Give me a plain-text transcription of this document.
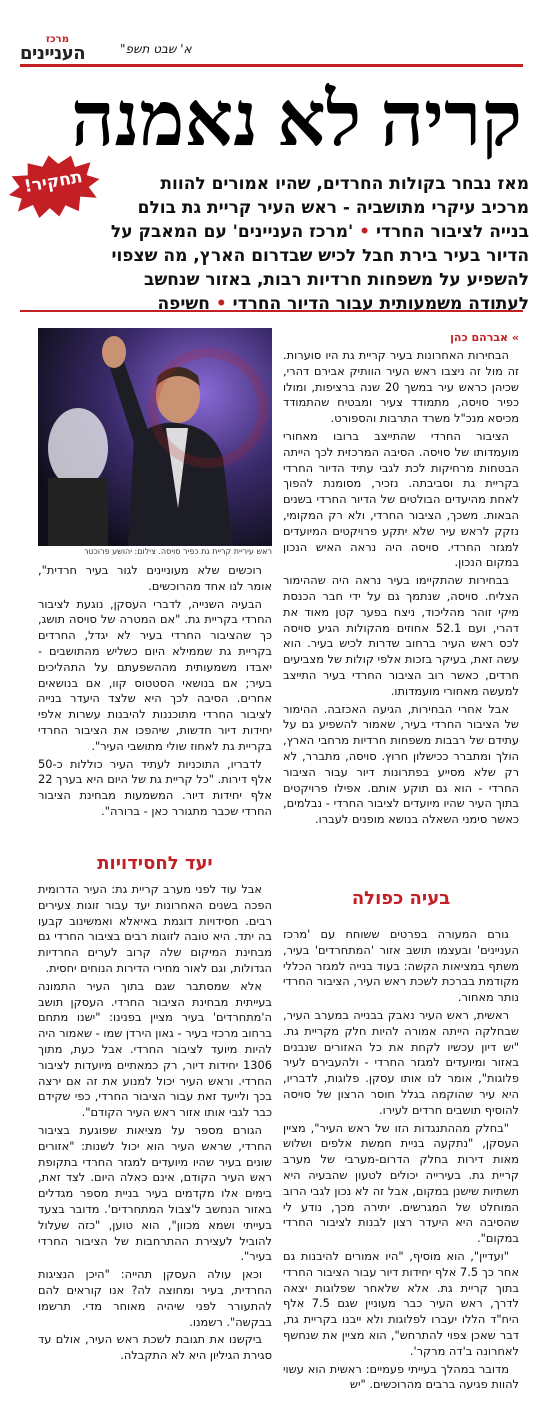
מרכז
העניינים	א' שבט תשפ"
קריה לא נאמנה
תחקיר!	מאז נבחר בקולות החרדים, שהיו אמורים להוות מרכיב עיקרי מתושביה - ראש העיר קריית גת בולם בנייה לציבור החרדי • 'מרכז העניינים' עם המאבק על הדיור בעיר בירת חבל לכיש שבדרום הארץ, מה שצפוי להשפיע על משפחות חרדיות רבות, באזור שנחשב לעתודה משמעותית עבור הדיור החרדי • חשיפה
» אברהם כהן
ראש עיריית קריית גת כפיר סויסה. צילום: יהושע פרוכטר

הבחירות האחרונות בעיר קריית גת היו סוערות. זה מול זה ניצבו ראש העיר הוותיק אבירם דהרי, שכיהן כראש עיר במשך 20 שנה ברציפות, ומולו כפיר סויסה, מתמודד צעיר ומבטיח שהתמודד מכיסא מנכ"ל משרד התרבות והספורט.

הציבור החרדי שהתייצב ברובו מאחורי מועמדותו של סויסה. הסיבה המרכזית לכך הייתה הבטחות מרחיקות לכת לגבי עתיד הדיור החרדי בקריית גת וסביבתה. נזכיר, מסומנת להפוך לאחת מהיעדים הבולטים של הדיור החרדי בשנים הבאות. משכך, הציבור החרדי, ולא רק המקומי, נזקק לראש עיר שלא יתקע פרויקטים המיועדים למגזר החרדי. סויסה היה נראה האיש הנכון במקום הנכון.

בבחירות שהתקיימו בעיר נראה היה שההימור הצליח. סויסה, שנתמך גם על ידי חבר הכנסת מיקי זוהר מהליכוד, ניצח בפער קטן מאוד את דהרי, ועם 52.1 אחוזים מהקולות הגיע סויסה לכס ראש העיר ברחוב שדרות לכיש בעיר. הוא עשה זאת, בעיקר בזכות אלפי קולות של מצביעים חרדים, כאשר רוב הציבור החרדי בעיר התייצב למעשה מאחורי מועמדותו.

אבל אחרי הבחירות, הגיעה האכזבה. ההימור של הציבור החרדי בעיר, שאמור להשפיע גם על עתידם של רבבות משפחות חרדיות מרחבי הארץ, הולך ומתברר ככישלון חרוץ. סויסה, מתברר, לא רק שלא מסייע בפתרונות דיור עבור הציבור החרדי - הוא גם תוקע אותם. אפילו פרויקטים בתוך העיר שהיו מיועדים לציבור החרדי - נבלמים, כאשר סימני השאלה בנושא מופנים לעברו.

בעיה כפולה

גורם המעורה בפרטים ששוחח עם 'מרכז העניינים' ובעצמו תושב אזור 'המתחרדים' בעיר, משתף במציאות הקשה: בעוד בנייה למגזר הכללי מקודמת בברכת לשכת ראש העיר, הציבור החרדי נותר מאחור.

ראשית, ראש העיר נאבק בבנייה במערב העיר, שבחלקה הייתה אמורה להיות חלק מקריית גת. "יש דיון עכשיו לקחת את כל האזורים שנבנים באזור ומיועדים למגזר החרדי - ולהעבירם לעיר פלוגות", אומר לנו אותו עסקן. פלוגות, לדבריו, היא עיר שהוקמה בגלל חוסר הרצון של סויסה להוסיף תושבים חרדים לעירו.

"בחלק מההתנגדות הזו של ראש העיר", מציין העסקן, "נתקעה בניית חמשת אלפים ושלוש מאות דירות בחלק הדרום-מערבי של מערב קריית גת. בעירייה יכולים לטעון שהבעיה היא תשתיות שישנן במקום, אבל זה לא נכון לגבי הרוב המוחלט של המגרשים. יתירה מכך, נודע לי שהסיבה היא היעדר רצון לבנות לציבור החרדי במקום".

"ועדיין", הוא מוסיף, "היו אמורים להיבנות גם אחר כך 7.5 אלף יחידות דיור עבור הציבור החרדי בתוך קריית גת. אלא שלאחר שפלוגות יצאה לדרך, ראש העיר כבר מעוניין שגם 7.5 אלף היח"ד הללו יעברו לפלוגות ולא ייבנו בקריית גת, דבר שאכן צפוי להתרחש", הוא מציין את שנחשף לאחרונה ב'דה מרקר'.

מדובר במהלך בעייתי פעמיים: ראשית הוא עשוי להוות פגיעה ברבים מהרוכשים. "יש

רוכשים שלא מעוניינים לגור בעיר חרדית", אומר לנו אחד מהרוכשים.

הבעיה השנייה, לדברי העסקן, נוגעת לציבור החרדי בקריית גת. "אם המטרה של סויסה תושג, כך שהציבור החרדי בעיר לא יגדל, החרדים בקריית גת שממילא היום כשליש מהתושבים - יאבדו משמעותית מההשפעתם על התהליכים בעיר; אם בנושאי הסטטוס קוו, אם בנושאים אחרים. הסיבה לכך היא שלצד היעדר בנייה לציבור החרדי מתוכננות להיבנות עשרות אלפי יחידות דיור חדשות, שיהפכו את הציבור החרדי בקריית גת לאחוז שולי מתושבי העיר".

לדבריו, התוכניות לעתיד העיר כוללות כ-50 אלף דירות. "כל קריית גת של היום היא בערך 22 אלף יחידות דיור. המשמעות מבחינת הציבור החרדי שכבר מתגורר כאן - ברורה".

יעד לחסידויות

אבל עוד לפני מערב קריית גת: העיר הדרומית הפכה בשנים האחרונות יעד עבור זוגות צעירים רבים. חסידויות דוגמת באיאלא ואמשינוב קבעו בה יתד. היא טובה לזוגות רבים בציבור החרדי גם מבחינת המיקום שלה קרוב לערים החרדיות הגדולות, וגם לאור מחירי הדירות הנוחים יחסית.

אלא שמסתבר שגם בתוך העיר התמונה בעייתית מבחינת הציבור החרדי. העסקן תושב ה'מתחרדים' בעיר מציין בפנינו: "ישנו מתחם ברחוב מרכזי בעיר - גאון הירדן שמו - שאמור היה להיות מיועד לציבור החרדי. אבל כעת, מתוך 1306 יחידות דיור, רק כמאתיים מיועדות לציבור החרדי. וראש העיר יכול למנוע את זה אם ירצה בכך ולייעד זאת עבור הציבור החרדי, כפי שקידם כבר לגבי אותו אזור ראש העיר הקודם".

הגורם מספר על מציאות שפוגעת בציבור החרדי, שראש העיר הוא יכול לשנות: "אזורים שונים בעיר שהיו מיועדים למגזר החרדי בתקופת ראש העיר הקודם, אינם כאלה היום. לצד זאת, בימים אלו מקדמים בעיר בניית מספר מגדלים באזור הנחשב ל'צבול המתחרדים'. מדובר בצעד בעייתי ושמא מכוון", הוא טוען, "כזה שעלול להוביל לעצירת ההתרחבות של הציבור החרדי בעיר".

וכאן עולה העסקן תהייה: "היכן הנציגות החרדית, בעיר ומחוצה לה? אנו קוראים להם להתעורר לפני שיהיה מאוחר מדי. תרשמו בבקשה". רשמנו.

ביקשנו את תגובת לשכת ראש העיר, אולם עד סגירת הגיליון היא לא התקבלה.
